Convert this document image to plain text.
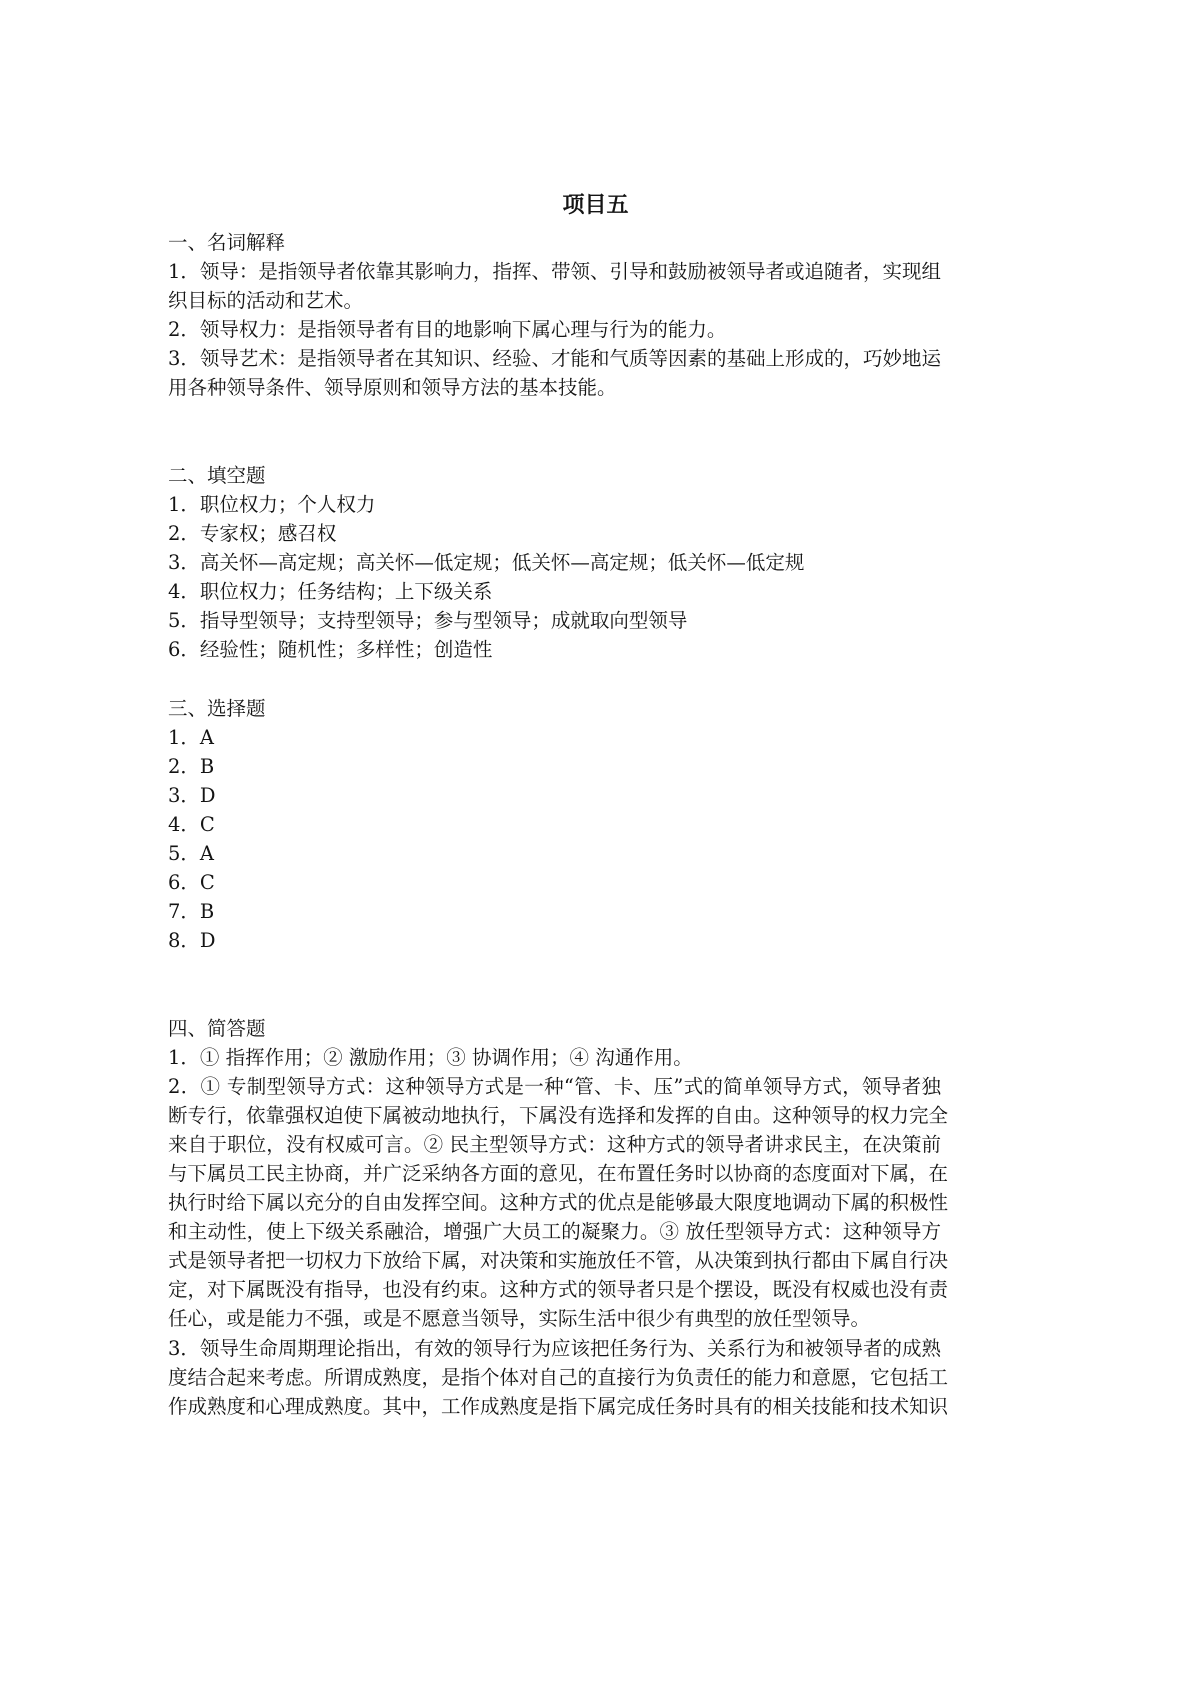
项目五
一、名词解释
1．领导：是指领导者依靠其影响力，指挥、带领、引导和鼓励被领导者或追随者，实现组
织目标的活动和艺术。
2．领导权力：是指领导者有目的地影响下属心理与行为的能力。
3．领导艺术：是指领导者在其知识、经验、才能和气质等因素的基础上形成的，巧妙地运
用各种领导条件、领导原则和领导方法的基本技能。
二、填空题
1．职位权力；个人权力
2．专家权；感召权
3．高关怀—高定规；高关怀—低定规；低关怀—高定规；低关怀—低定规
4．职位权力；任务结构；上下级关系
5．指导型领导；支持型领导；参与型领导；成就取向型领导
6．经验性；随机性；多样性；创造性
三、选择题
1．A
2．B
3．D
4．C
5．A
6．C
7．B
8．D
四、简答题
1．① 指挥作用；② 激励作用；③ 协调作用；④ 沟通作用。
2．① 专制型领导方式：这种领导方式是一种“管、卡、压”式的简单领导方式，领导者独
断专行，依靠强权迫使下属被动地执行，下属没有选择和发挥的自由。这种领导的权力完全
来自于职位，没有权威可言。② 民主型领导方式：这种方式的领导者讲求民主，在决策前
与下属员工民主协商，并广泛采纳各方面的意见，在布置任务时以协商的态度面对下属，在
执行时给下属以充分的自由发挥空间。这种方式的优点是能够最大限度地调动下属的积极性
和主动性，使上下级关系融洽，增强广大员工的凝聚力。③ 放任型领导方式：这种领导方
式是领导者把一切权力下放给下属，对决策和实施放任不管，从决策到执行都由下属自行决
定，对下属既没有指导，也没有约束。这种方式的领导者只是个摆设，既没有权威也没有责
任心，或是能力不强，或是不愿意当领导，实际生活中很少有典型的放任型领导。
3．领导生命周期理论指出，有效的领导行为应该把任务行为、关系行为和被领导者的成熟
度结合起来考虑。所谓成熟度，是指个体对自己的直接行为负责任的能力和意愿，它包括工
作成熟度和心理成熟度。其中，工作成熟度是指下属完成任务时具有的相关技能和技术知识
